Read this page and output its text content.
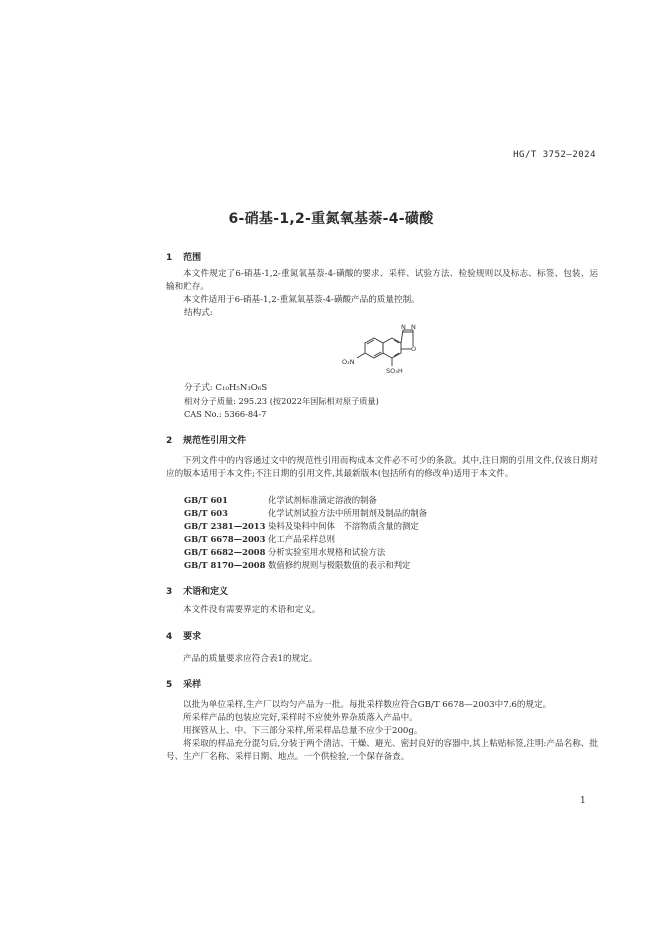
HG/T 3752—2024
6-硝基-1,2-重氮氧基萘-4-磺酸
1 范围

本文件规定了6-硝基-1,2-重氮氧基萘-4-磺酸的要求、采样、试验方法、检验规则以及标志、标签、包装、运输和贮存。

本文件适用于6-硝基-1,2-重氮氧基萘-4-磺酸产品的质量控制。

结构式:

N N
O
O₂N
SO₃H

分子式: C₁₀H₅N₃O₆S

相对分子质量: 295.23 (按2022年国际相对原子质量)

CAS No.: 5366-84-7

2 规范性引用文件

下列文件中的内容通过文中的规范性引用而构成本文件必不可少的条款。其中,注日期的引用文件,仅该日期对应的版本适用于本文件;不注日期的引用文件,其最新版本(包括所有的修改单)适用于本文件。

GB/T 601	化学试剂标准滴定溶液的制备
GB/T 603	化学试剂试验方法中所用制剂及制品的制备
GB/T 2381—2013 染料及染料中间体　不溶物质含量的测定
GB/T 6678—2003 化工产品采样总则
GB/T 6682—2008 分析实验室用水规格和试验方法
GB/T 8170—2008 数值修约规则与极限数值的表示和判定
3 术语和定义

本文件没有需要界定的术语和定义。

4 要求

产品的质量要求应符合表1的规定。

5 采样

以批为单位采样,生产厂以均匀产品为一批。每批采样数应符合GB/T 6678—2003中7.6的规定。

所采样产品的包装应完好,采样时不应使外界杂质落入产品中。

用探管从上、中、下三部分采样,所采样品总量不应少于200g。

将采取的样品充分混匀后,分装于两个清洁、干燥、避光、密封良好的容器中,其上粘贴标签,注明:产品名称、批号、生产厂名称、采样日期、地点。一个供检验,一个保存备查。

1
